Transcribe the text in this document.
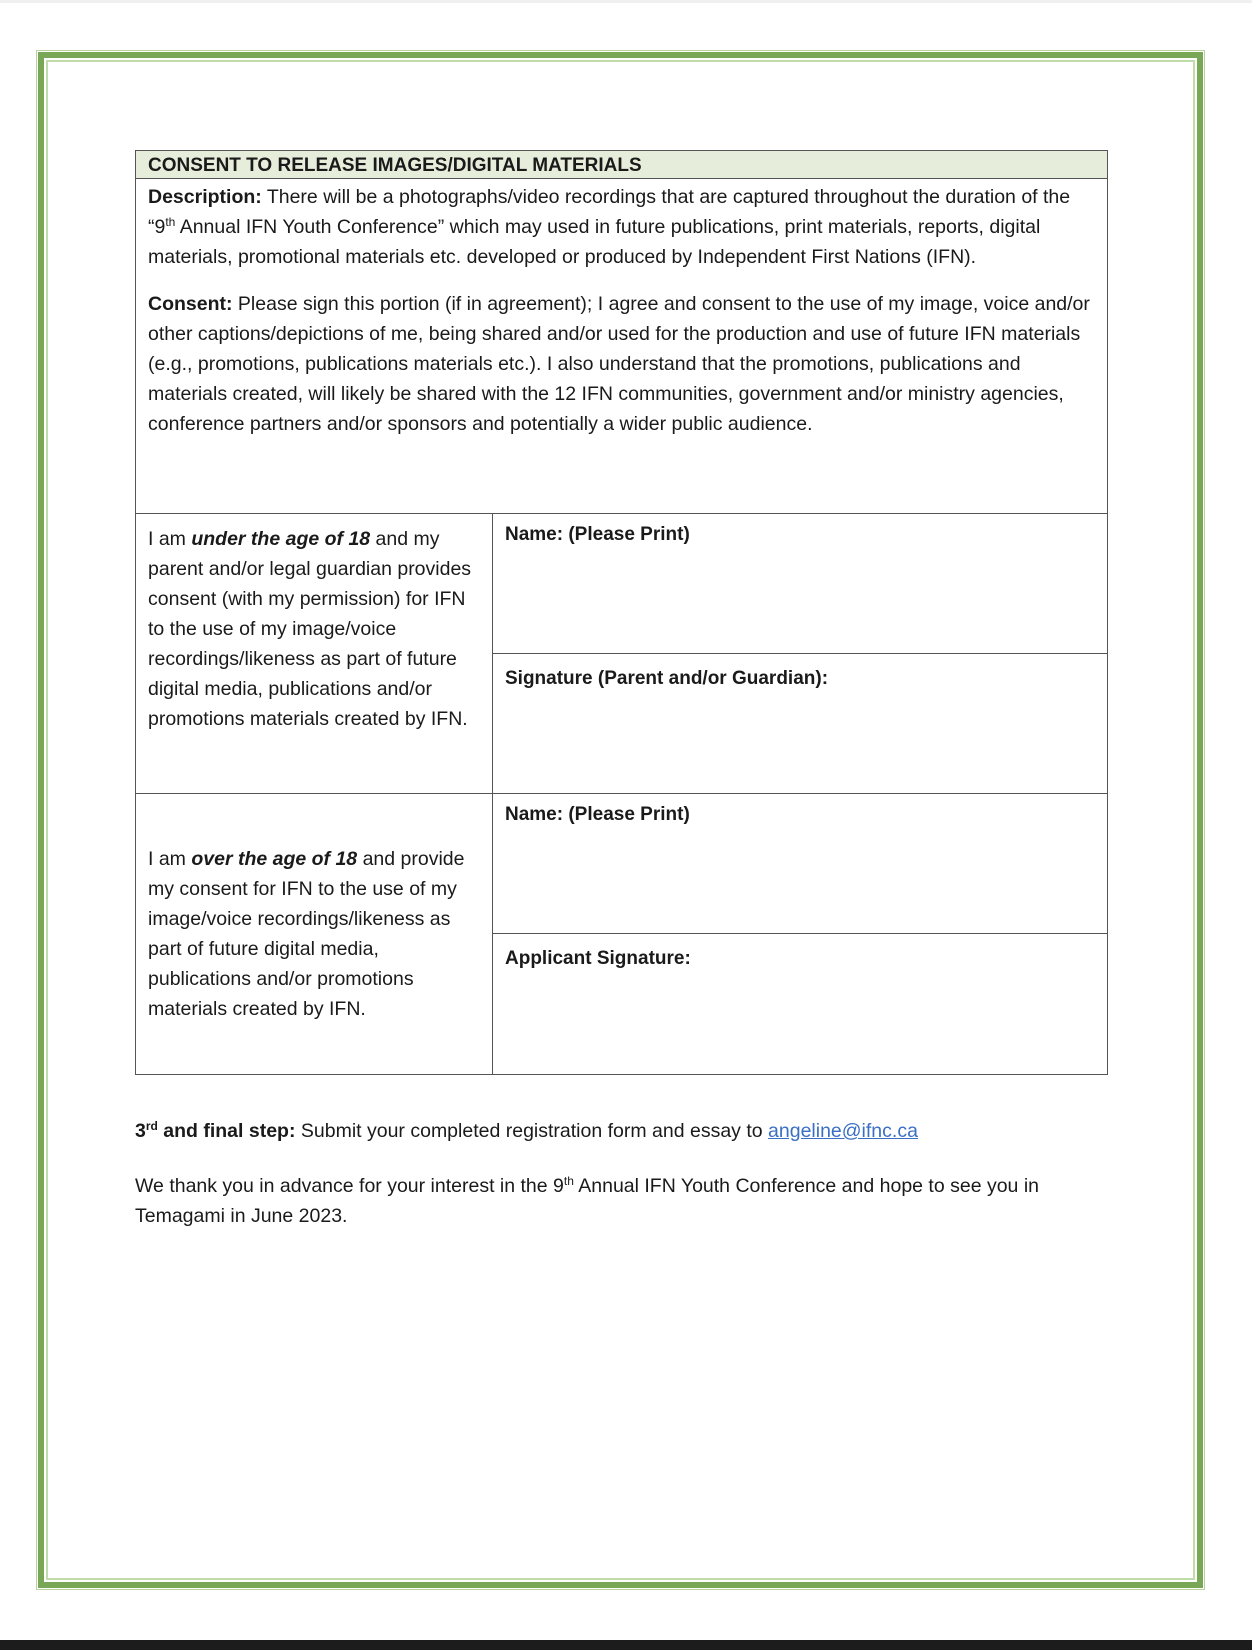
CONSENT TO RELEASE IMAGES/DIGITAL MATERIALS

Description: There will be a photographs/video recordings that are captured throughout the duration of the “9th Annual IFN Youth Conference” which may used in future publications, print materials, reports, digital materials, promotional materials etc. developed or produced by Independent First Nations (IFN).

Consent: Please sign this portion (if in agreement); I agree and consent to the use of my image, voice and/or other captions/depictions of me, being shared and/or used for the production and use of future IFN materials (e.g., promotions, publications materials etc.). I also understand that the promotions, publications and materials created, will likely be shared with the 12 IFN communities, government and/or ministry agencies, conference partners and/or sponsors and potentially a wider public audience.

I am under the age of 18 and my parent and/or legal guardian provides consent (with my permission) for IFN to the use of my image/voice recordings/likeness as part of future digital media, publications and/or promotions materials created by IFN.
Name: (Please Print)
Signature (Parent and/or Guardian):
I am over the age of 18 and provide my consent for IFN to the use of my image/voice recordings/likeness as part of future digital media, publications and/or promotions materials created by IFN.
Name: (Please Print)
Applicant Signature:
3rd and final step: Submit your completed registration form and essay to angeline@ifnc.ca
We thank you in advance for your interest in the 9th Annual IFN Youth Conference and hope to see you in Temagami in June 2023.
